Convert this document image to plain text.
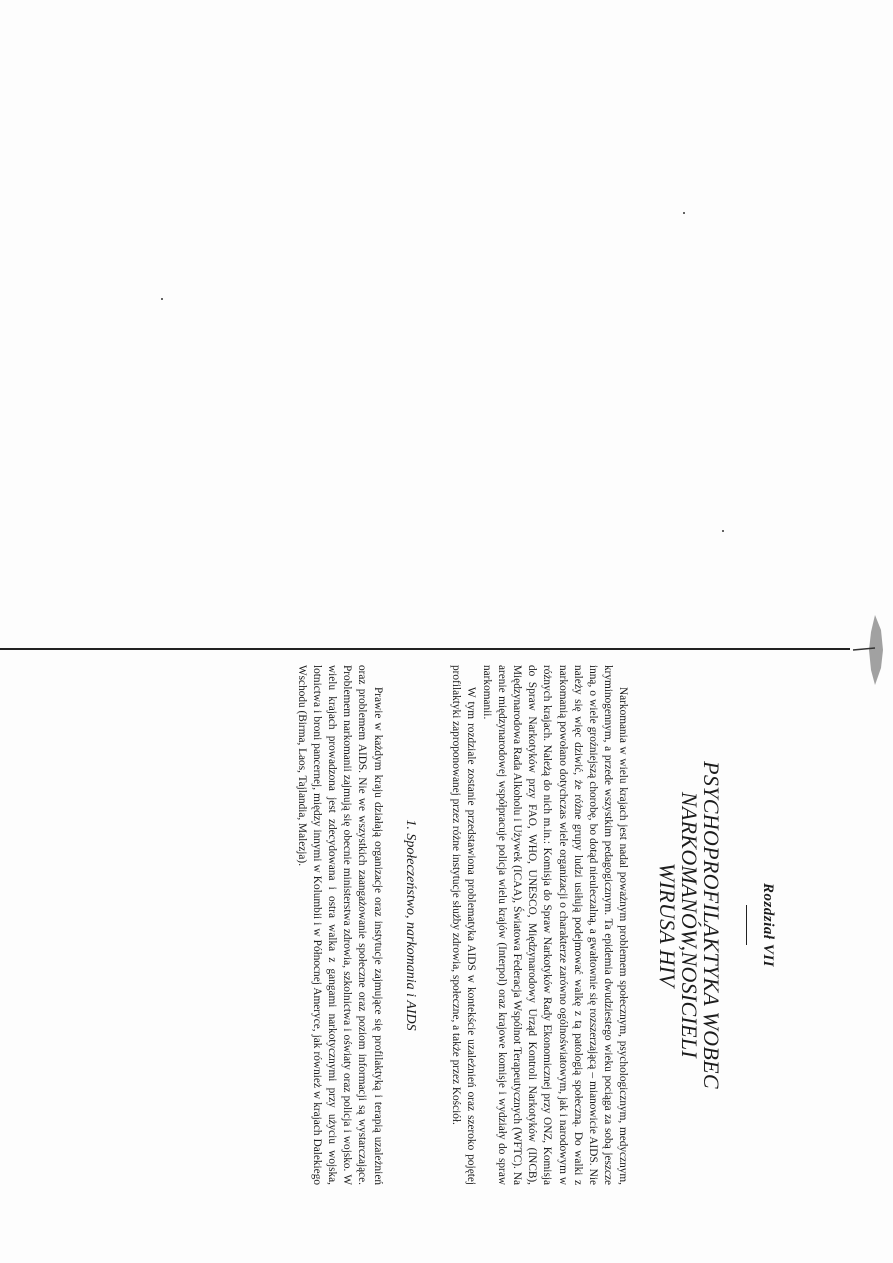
Rozdział VII
PSYCHOPROFILAKTYKA WOBEC
NARKOMANÓW,NOSICIELI
WIRUSA HIV

Narkomania w wielu krajach jest nadal poważnym problemem społecznym, psychologicznym, medycznym, kryminogennym, a przede wszystkim pedagogicznym. Ta epidemia dwudziestego wieku pociąga za sobą jeszcze inną, o wiele groźniejszą chorobę, bo dotąd nieuleczalną, a gwałtownie się rozszerzającą – mianowicie AIDS. Nie należy się więc dziwić, że różne grupy ludzi usiłują podejmować walkę z tą patologią społeczną. Do walki z narkomanią powołano dotychczas wiele organizacji o charakterze zarówno ogólnoświatowym, jak i narodowym w różnych krajach. Należą do nich m.in.: Komisja do Spraw Narkotyków Rady Ekonomicznej przy ONZ, Komisja do Spraw Narkotyków przy FAO, WHO, UNESCO, Międzynarodowy Urząd Kontroli Narkotyków (INCB), Międzynarodowa Rada Alkoholu i Używek (ICAA), Światowa Federacja Wspólnot Terapeutycznych (WFTC). Na arenie międzynarodowej współpracuje policja wielu krajów (Interpol) oraz krajowe komisje i wydziały do spraw narkomanii.

W tym rozdziale zostanie przedstawiona problematyka AIDS w kontekście uzależnień oraz szeroko pojętej profilaktyki zaproponowanej przez różne instytucje służby zdrowia, społeczne, a także przez Kościół.

1. Społeczeństwo, narkomania i AIDS

Prawie w każdym kraju działają organizacje oraz instytucje zajmujące się profilaktyką i terapią uzależnień oraz problemem AIDS. Nie we wszystkich zaangażowanie społeczne oraz poziom informacji są wystarczające. Problemem narkomanii zajmują się obecnie ministerstwa zdrowia, szkolnictwa i oświaty oraz policja i wojsko. W wielu krajach prowadzona jest zdecydowana i ostra walka z gangami narkotycznymi przy użyciu wojska, lotnictwa i broni pancernej, między innymi w Kolumbii i w Północnej Ameryce, jak również w krajach Dalekiego Wschodu (Birma, Laos, Tajlandia, Malezja).
